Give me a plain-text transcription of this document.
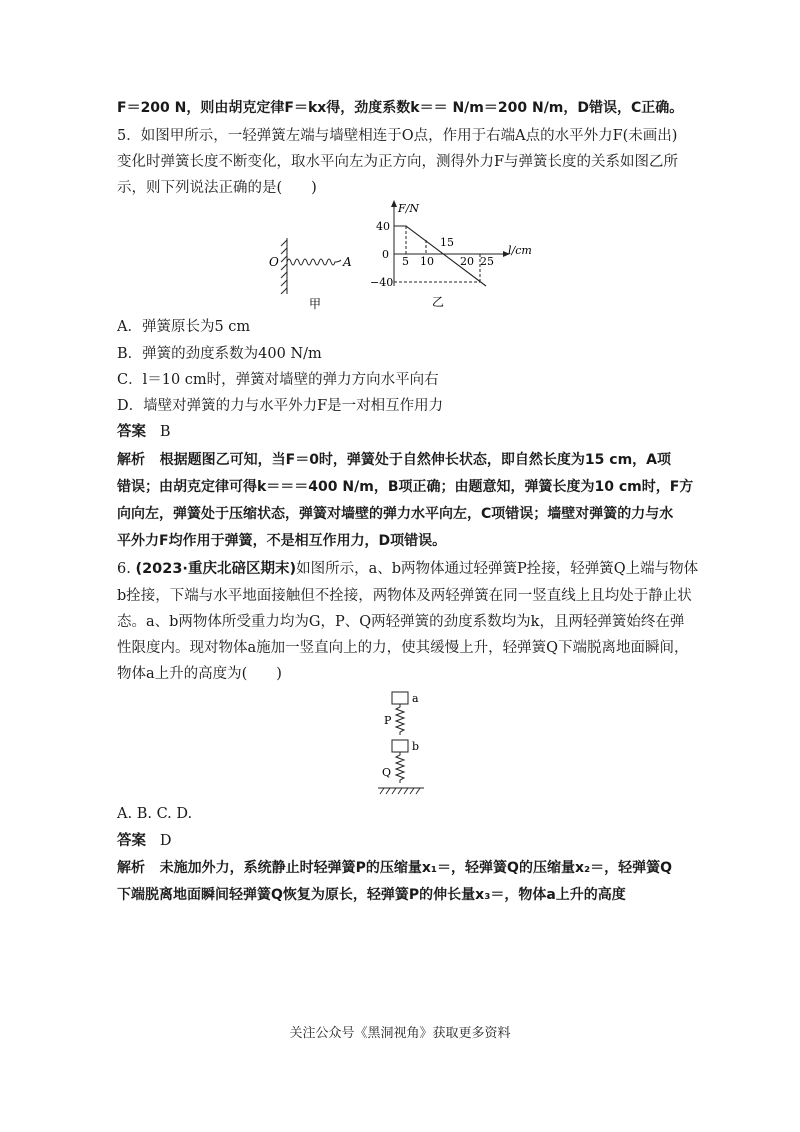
F＝200 N，则由胡克定律F＝kx得，劲度系数k＝＝ N/m＝200 N/m，D错误，C正确。
5．如图甲所示，一轻弹簧左端与墙壁相连于O点，作用于右端A点的水平外力F(未画出)
变化时弹簧长度不断变化，取水平向左为正方向，测得外力F与弹簧长度的关系如图乙所
示，则下列说法正确的是(　　)
O	A
甲
F/N
l/cm
40
0
−40
5 10
15
20 25
乙
A．弹簧原长为5 cm
B．弹簧的劲度系数为400 N/m
C．l＝10 cm时，弹簧对墙壁的弹力方向水平向右
D．墙壁对弹簧的力与水平外力F是一对相互作用力
答案 B
解析 根据题图乙可知，当F＝0时，弹簧处于自然伸长状态，即自然长度为15 cm，A项
错误；由胡克定律可得k＝＝＝400 N/m，B项正确；由题意知，弹簧长度为10 cm时，F方
向向左，弹簧处于压缩状态，弹簧对墙壁的弹力水平向左，C项错误；墙壁对弹簧的力与水
平外力F均作用于弹簧，不是相互作用力，D项错误。
6. (2023·重庆北碚区期末)如图所示，a、b两物体通过轻弹簧P拴接，轻弹簧Q上端与物体
b拴接，下端与水平地面接触但不拴接，两物体及两轻弹簧在同一竖直线上且均处于静止状
态。a、b两物体所受重力均为G，P、Q两轻弹簧的劲度系数均为k，且两轻弹簧始终在弹
性限度内。现对物体a施加一竖直向上的力，使其缓慢上升，轻弹簧Q下端脱离地面瞬间，
物体a上升的高度为(　　)
a
P
b
Q
A. B. C. D.
答案 D
解析 未施加外力，系统静止时轻弹簧P的压缩量x₁＝，轻弹簧Q的压缩量x₂＝，轻弹簧Q
下端脱离地面瞬间轻弹簧Q恢复为原长，轻弹簧P的伸长量x₃＝，物体a上升的高度
关注公众号《黑洞视角》获取更多资料
